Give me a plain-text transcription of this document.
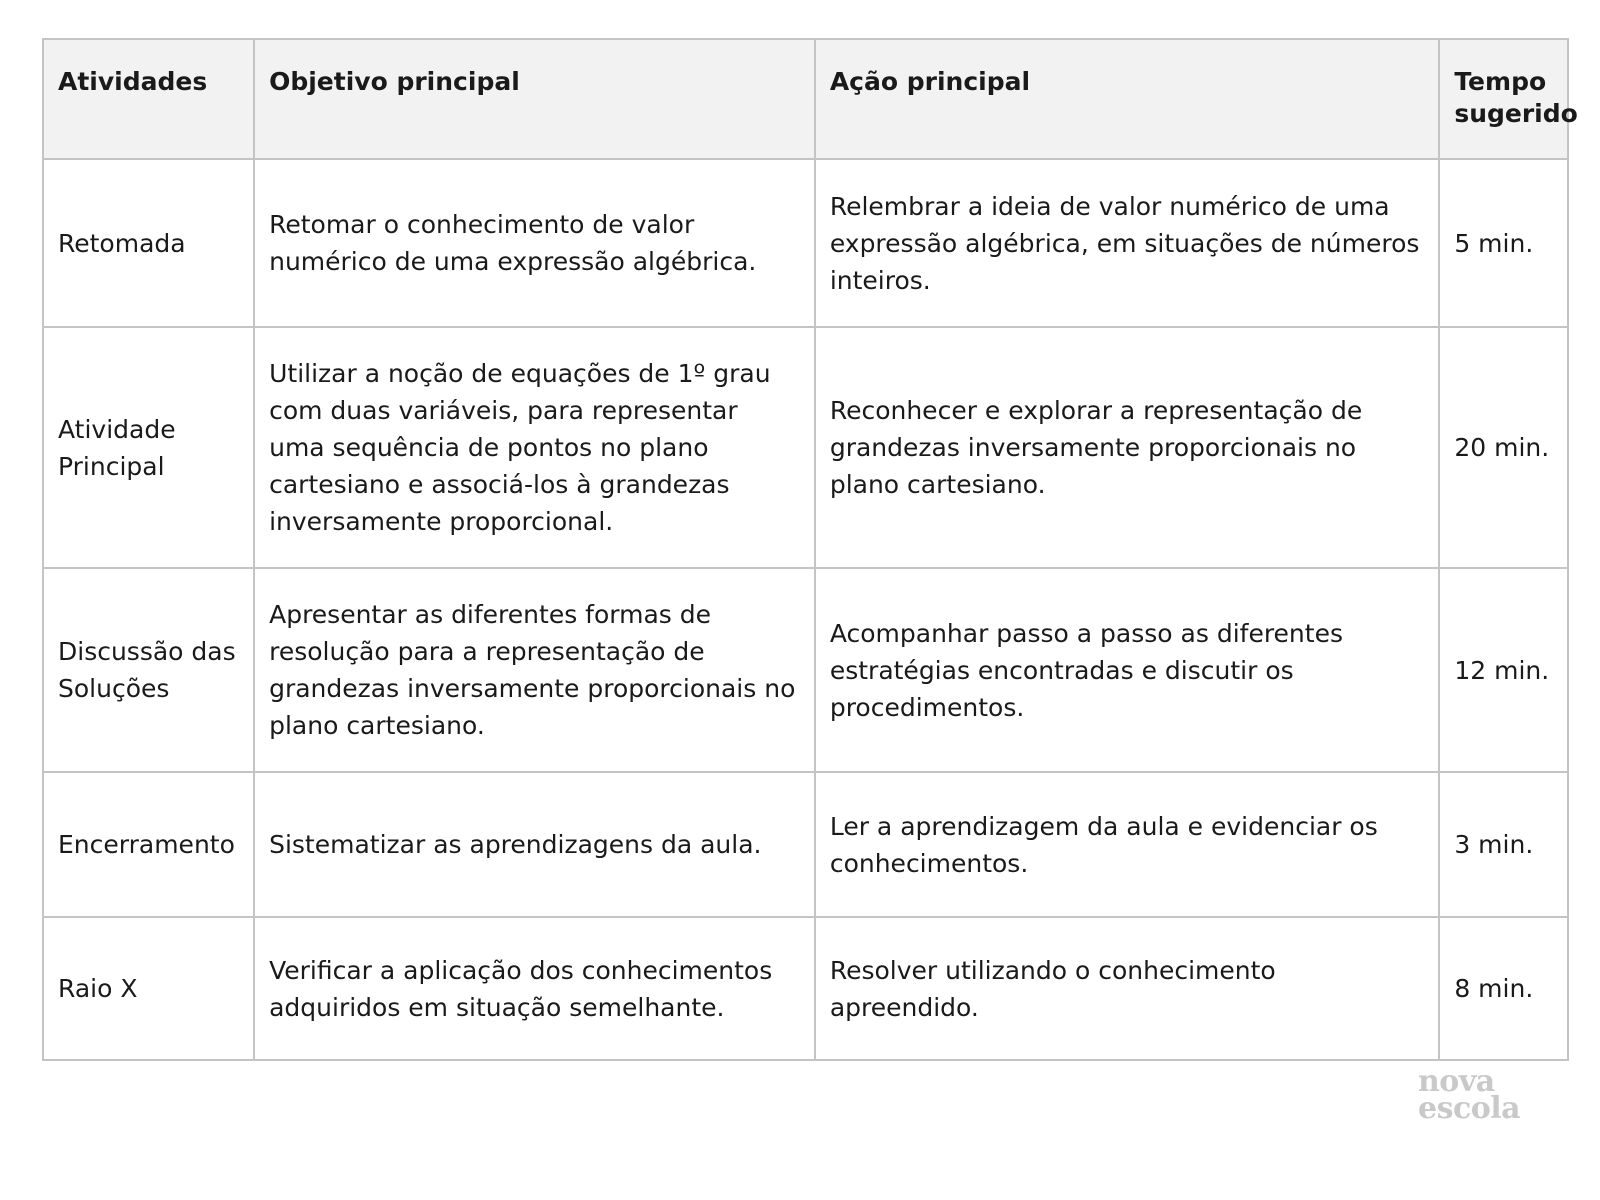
Atividades	Objetivo principal	Ação principal	Tempo sugerido
Retomada	Retomar o conhecimento de valor numérico de uma expressão algébrica.	Relembrar a ideia de valor numérico de uma expressão algébrica, em situações de números inteiros.	5 min.
Atividade Principal	Utilizar a noção de equações de 1º grau com duas variáveis, para representar uma sequência de pontos no plano cartesiano e associá-los à grandezas inversamente proporcional.	Reconhecer e explorar a representação de grandezas inversamente proporcionais no plano cartesiano.	20 min.
Discussão das Soluções	Apresentar as diferentes formas de resolução para a representação de grandezas inversamente proporcionais no plano cartesiano.	Acompanhar passo a passo as diferentes estratégias encontradas e discutir os procedimentos.	12 min.
Encerramento	Sistematizar as aprendizagens da aula.	Ler a aprendizagem da aula e evidenciar os conhecimentos.	3 min.
Raio X	Verificar a aplicação dos conhecimentos adquiridos em situação semelhante.	Resolver utilizando o conhecimento apreendido.	8 min.
nova
escola
